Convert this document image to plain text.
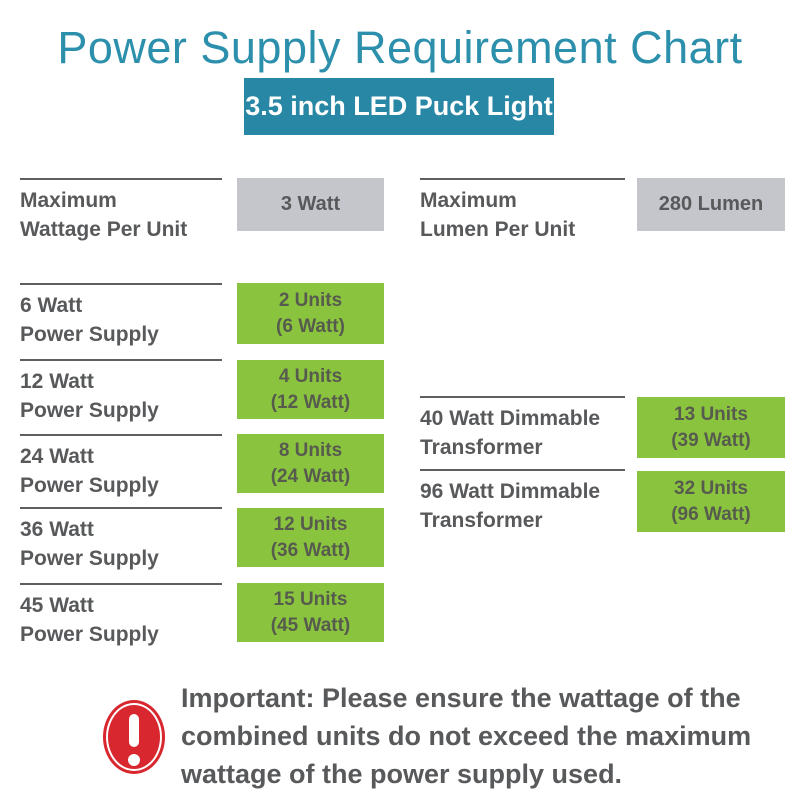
Power Supply Requirement Chart
3.5 inch LED Puck Light
Maximum
Wattage Per Unit
3 Watt
6 Watt
Power Supply
2 Units
(6 Watt)
12 Watt
Power Supply
4 Units
(12 Watt)
24 Watt
Power Supply
8 Units
(24 Watt)
36 Watt
Power Supply
12 Units
(36 Watt)
45 Watt
Power Supply
15 Units
(45 Watt)
Maximum
Lumen Per Unit
280 Lumen
40 Watt Dimmable
Transformer
13 Units
(39 Watt)
96 Watt Dimmable
Transformer
32 Units
(96 Watt)
Important: Please ensure the wattage of the
combined units do not exceed the maximum
wattage of the power supply used.
